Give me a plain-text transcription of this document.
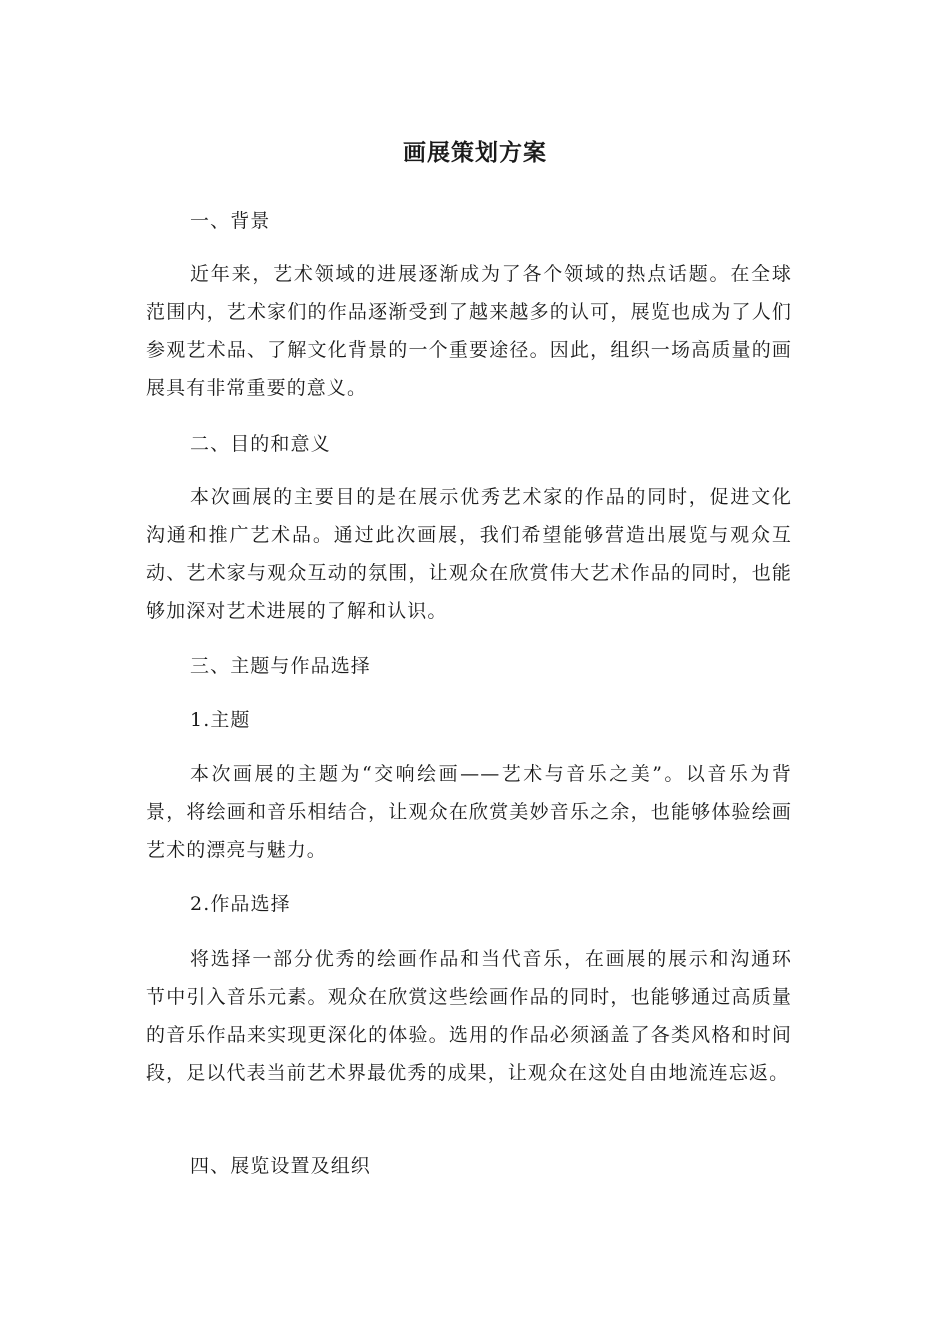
画展策划方案

一、背景

近年来，艺术领域的进展逐渐成为了各个领域的热点话题。在全球范围内，艺术家们的作品逐渐受到了越来越多的认可，展览也成为了人们参观艺术品、了解文化背景的一个重要途径。因此，组织一场高质量的画展具有非常重要的意义。

二、目的和意义

本次画展的主要目的是在展示优秀艺术家的作品的同时，促进文化沟通和推广艺术品。通过此次画展，我们希望能够营造出展览与观众互动、艺术家与观众互动的氛围，让观众在欣赏伟大艺术作品的同时，也能够加深对艺术进展的了解和认识。

三、主题与作品选择

1.主题

本次画展的主题为“交响绘画——艺术与音乐之美”。以音乐为背景，将绘画和音乐相结合，让观众在欣赏美妙音乐之余，也能够体验绘画艺术的漂亮与魅力。

2.作品选择

将选择一部分优秀的绘画作品和当代音乐，在画展的展示和沟通环节中引入音乐元素。观众在欣赏这些绘画作品的同时，也能够通过高质量的音乐作品来实现更深化的体验。选用的作品必须涵盖了各类风格和时间段，足以代表当前艺术界最优秀的成果，让观众在这处自由地流连忘返。

四、展览设置及组织
